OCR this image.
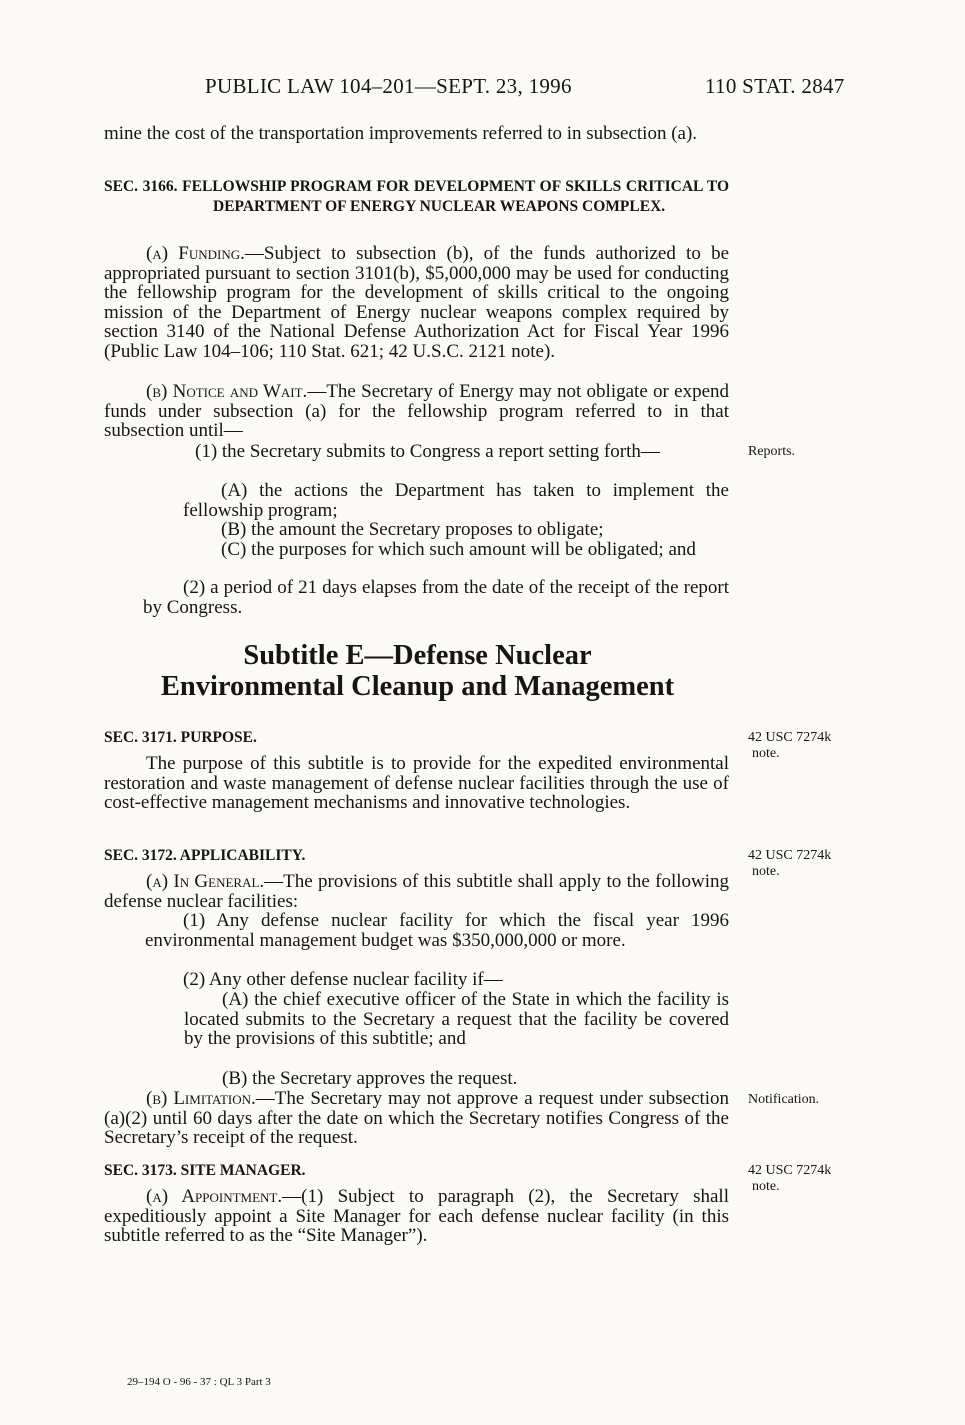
PUBLIC LAW 104–201—SEPT. 23, 1996	110 STAT. 2847

mine the cost of the transportation improvements referred to in subsection (a).

SEC. 3166. FELLOWSHIP PROGRAM FOR DEVELOPMENT OF SKILLS CRITICAL TO DEPARTMENT OF ENERGY NUCLEAR WEAPONS COMPLEX.

(a) Funding.—Subject to subsection (b), of the funds authorized to be appropriated pursuant to section 3101(b), $5,000,000 may be used for conducting the fellowship program for the development of skills critical to the ongoing mission of the Department of Energy nuclear weapons complex required by section 3140 of the National Defense Authorization Act for Fiscal Year 1996 (Public Law 104–106; 110 Stat. 621; 42 U.S.C. 2121 note).

(b) Notice and Wait.—The Secretary of Energy may not obligate or expend funds under subsection (a) for the fellowship program referred to in that subsection until—

(1) the Secretary submits to Congress a report setting forth—	Reports.

(A) the actions the Department has taken to implement the fellowship program;

(B) the amount the Secretary proposes to obligate;

(C) the purposes for which such amount will be obligated; and

(2) a period of 21 days elapses from the date of the receipt of the report by Congress.

Subtitle E—Defense Nuclear
Environmental Cleanup and Management
SEC. 3171. PURPOSE.	42 USC 7274k
note.

The purpose of this subtitle is to provide for the expedited environmental restoration and waste management of defense nuclear facilities through the use of cost-effective management mechanisms and innovative technologies.

SEC. 3172. APPLICABILITY.	42 USC 7274k
note.

(a) In General.—The provisions of this subtitle shall apply to the following defense nuclear facilities:

(1) Any defense nuclear facility for which the fiscal year 1996 environmental management budget was $350,000,000 or more.

(2) Any other defense nuclear facility if—

(A) the chief executive officer of the State in which the facility is located submits to the Secretary a request that the facility be covered by the provisions of this subtitle; and

(B) the Secretary approves the request.

(b) Limitation.—The Secretary may not approve a request under subsection (a)(2) until 60 days after the date on which the Secretary notifies Congress of the Secretary’s receipt of the request.

Notification.
SEC. 3173. SITE MANAGER.	42 USC 7274k
note.

(a) Appointment.—(1) Subject to paragraph (2), the Secretary shall expeditiously appoint a Site Manager for each defense nuclear facility (in this subtitle referred to as the “Site Manager”).

29–194 O - 96 - 37 : QL 3 Part 3
